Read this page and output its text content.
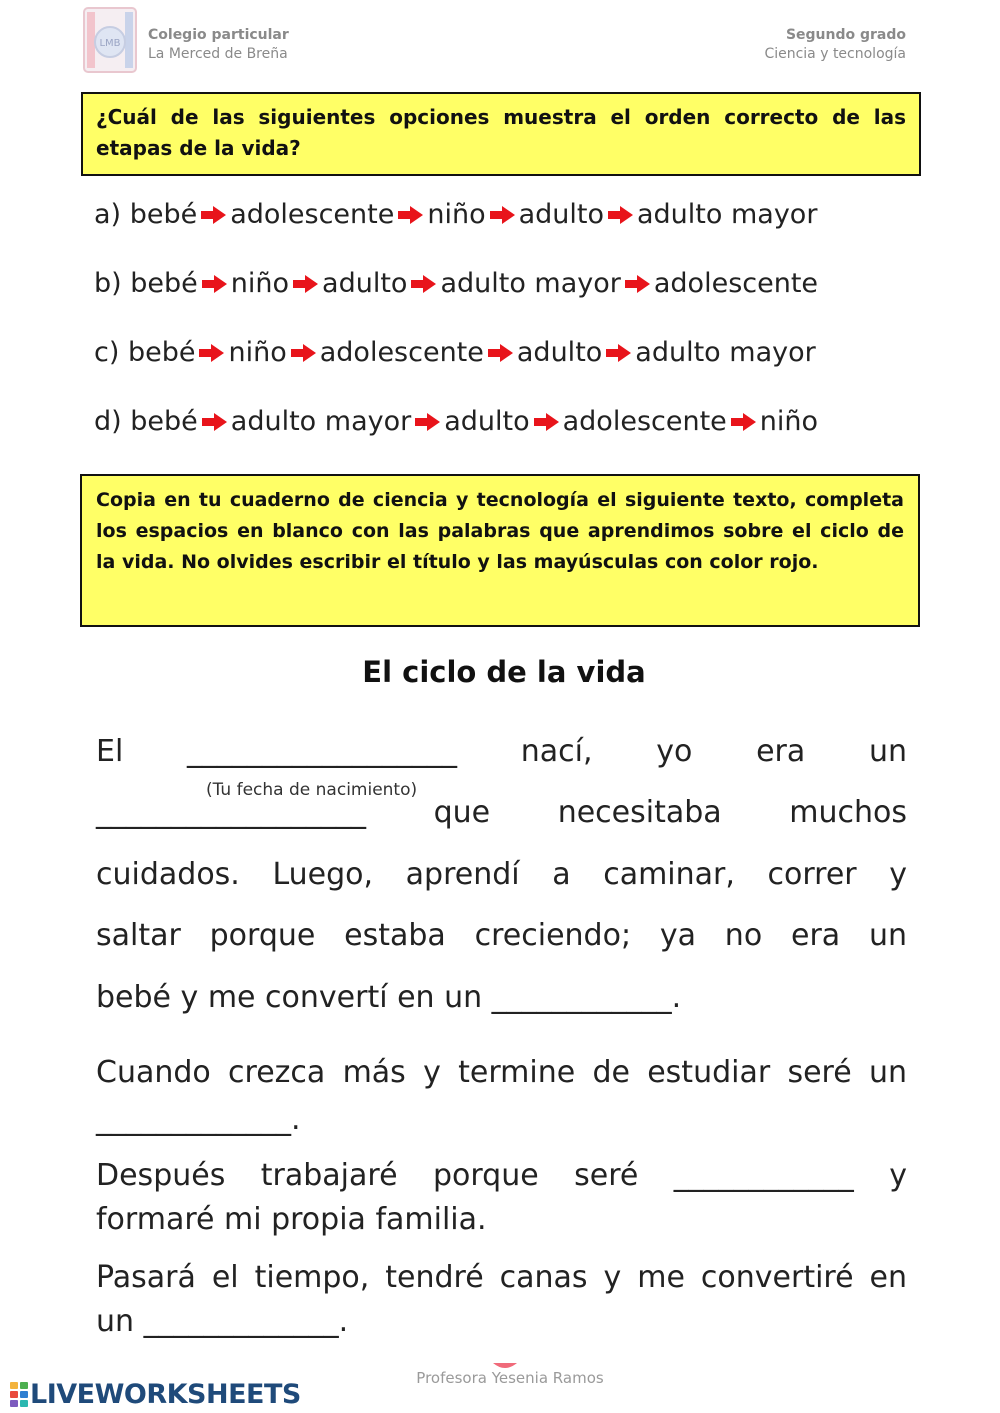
LMB
Colegio particular
La Merced de Breña
Segundo grado
Ciencia y tecnología
¿Cuál de las siguientes opciones muestra el orden correcto de las etapas de la vida?
a) bebé adolescente niño adulto adulto mayor
b) bebé niño adulto adulto mayor adolescente
c) bebé niño adolescente adulto adulto mayor
d) bebé adulto mayor adulto adolescente niño
Copia en tu cuaderno de ciencia y tecnología el siguiente texto, completa los espacios en blanco con las palabras que aprendimos sobre el ciclo de la vida. No olvides escribir el título y las mayúsculas con color rojo.
El ciclo de la vida
El __________________ nací, yo era un
(Tu fecha de nacimiento)
__________________ que necesitaba muchos
cuidados. Luego, aprendí a caminar, correr y
saltar porque estaba creciendo; ya no era un
bebé y me convertí en un ____________.
Cuando crezca más y termine de estudiar seré un
_____________.
Después trabajaré porque seré ____________ y
formaré mi propia familia.
Pasará el tiempo, tendré canas y me convertiré en
un _____________.
Profesora Yesenia Ramos
LIVEWORKSHEETS
